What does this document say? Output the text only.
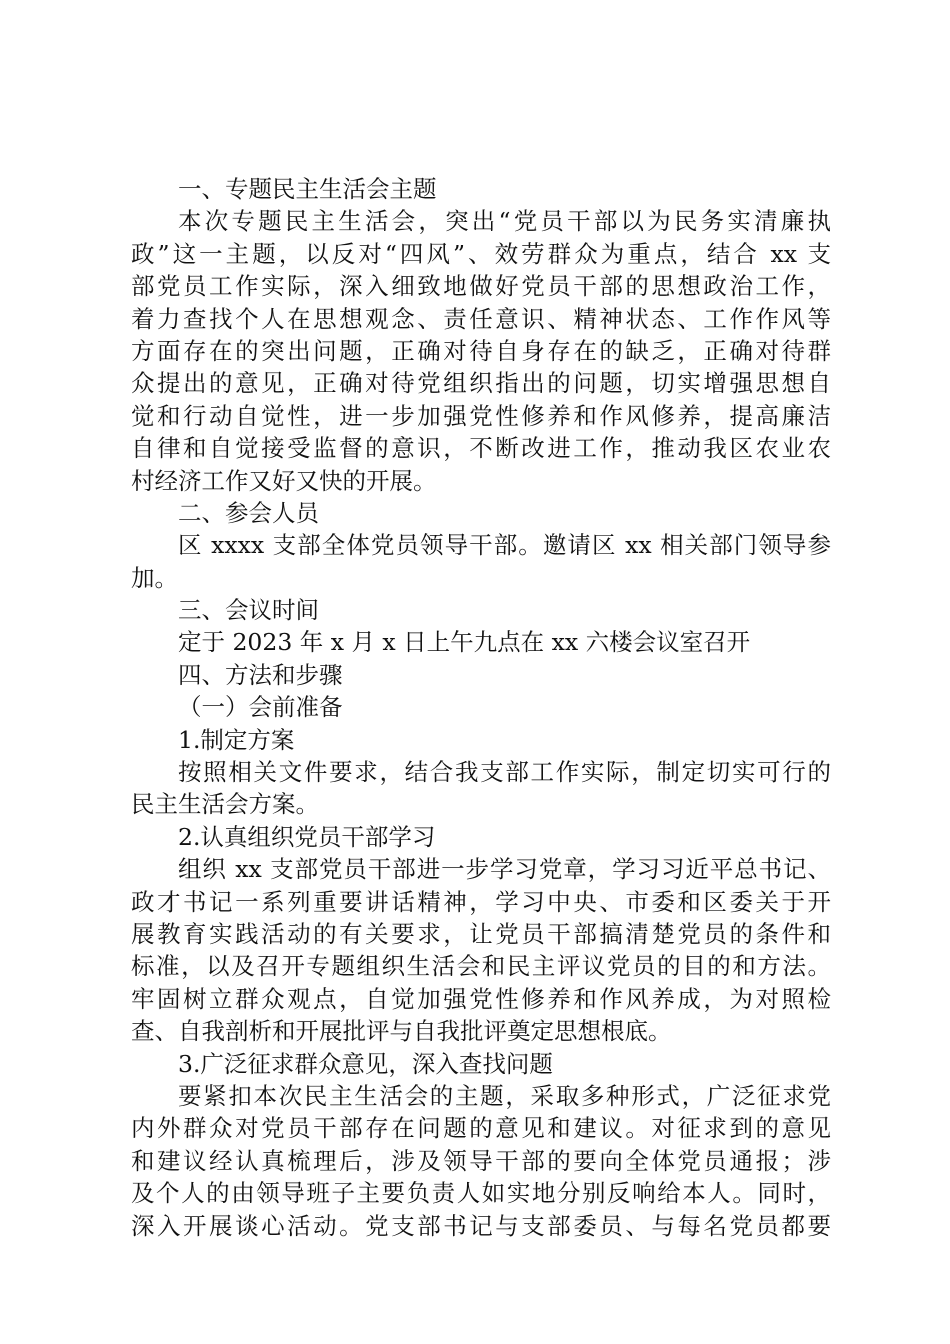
一、专题民主生活会主题
本次专题民主生活会，突出“党员干部以为民务实清廉执
政”这一主题，以反对“四风”、效劳群众为重点，结合 xx 支
部党员工作实际，深入细致地做好党员干部的思想政治工作，
着力查找个人在思想观念、责任意识、精神状态、工作作风等
方面存在的突出问题，正确对待自身存在的缺乏，正确对待群
众提出的意见，正确对待党组织指出的问题，切实增强思想自
觉和行动自觉性，进一步加强党性修养和作风修养，提高廉洁
自律和自觉接受监督的意识，不断改进工作，推动我区农业农
村经济工作又好又快的开展。
二、参会人员
区 xxxx 支部全体党员领导干部。邀请区 xx 相关部门领导参
加。
三、会议时间
定于 2023 年 x 月 x 日上午九点在 xx 六楼会议室召开
四、方法和步骤
（一）会前准备
1.制定方案
按照相关文件要求，结合我支部工作实际，制定切实可行的
民主生活会方案。
2.认真组织党员干部学习
组织 xx 支部党员干部进一步学习党章，学习习近平总书记、
政才书记一系列重要讲话精神，学习中央、市委和区委关于开
展教育实践活动的有关要求，让党员干部搞清楚党员的条件和
标准，以及召开专题组织生活会和民主评议党员的目的和方法。
牢固树立群众观点，自觉加强党性修养和作风养成，为对照检
查、自我剖析和开展批评与自我批评奠定思想根底。
3.广泛征求群众意见，深入查找问题
要紧扣本次民主生活会的主题，采取多种形式，广泛征求党
内外群众对党员干部存在问题的意见和建议。对征求到的意见
和建议经认真梳理后，涉及领导干部的要向全体党员通报；涉
及个人的由领导班子主要负责人如实地分别反响给本人。同时，
深入开展谈心活动。党支部书记与支部委员、与每名党员都要
